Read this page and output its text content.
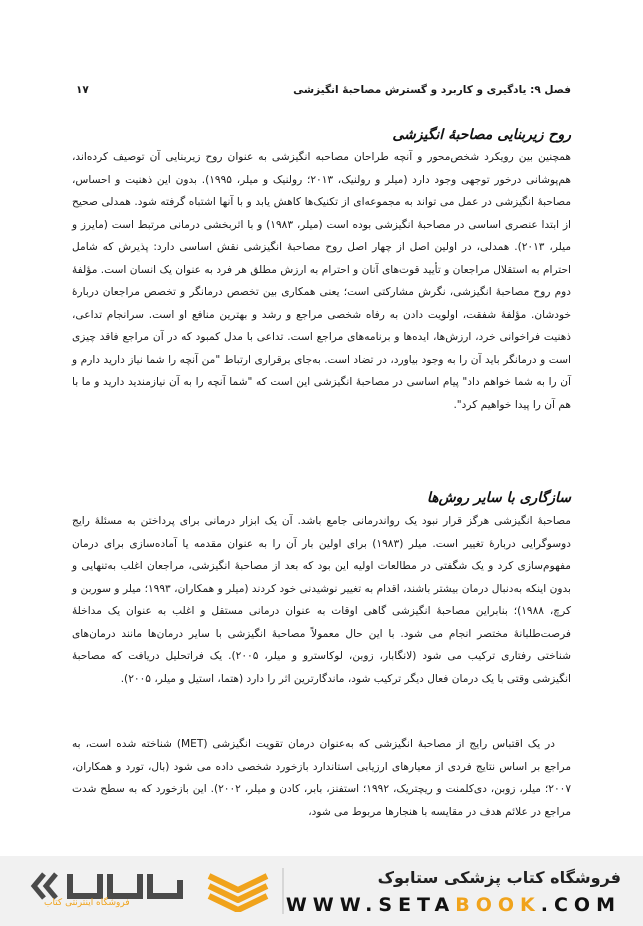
فصل ۹: یادگیری و کاربرد و گسترش مصاحبهٔ انگیزشی
۱۷
روح زیربنایی مصاحبهٔ انگیزشی

همچنین بین رویکرد شخص‌محور و آنچه طراحان مصاحبه انگیزشی به عنوان روح زیربنایی آن توصیف کرده‌اند، هم‌پوشانی درخور توجهی وجود دارد (میلر و رولنیک، ۲۰۱۳؛ رولنیک و میلر، ۱۹۹۵). بدون این ذهنیت و احساس، مصاحبهٔ انگیزشی در عمل می تواند به مجموعه‌ای از تکنیک‌ها کاهش یابد و با آنها اشتباه گرفته شود. همدلی صحیح از ابتدا عنصری اساسی در مصاحبهٔ انگیزشی بوده است (میلر، ۱۹۸۳) و با اثربخشی درمانی مرتبط است (مایرز و میلر، ۲۰۱۳). همدلی، در اولین اصل از چهار اصل روح مصاحبهٔ انگیزشی نقش اساسی دارد: پذیرش که شامل احترام به استقلال مراجعان و تأیید قوت‌های آنان و احترام به ارزش مطلق هر فرد به عنوان یک انسان است. مؤلفهٔ دوم روح مصاحبهٔ انگیزشی، نگرش مشارکتی است؛ یعنی همکاری بین تخصص درمانگر و تخصص مراجعان دربارهٔ خودشان. مؤلفهٔ شفقت، اولویت دادن به رفاه شخصی مراجع و رشد و بهترین منافع او است. سرانجام تداعی، ذهنیت فراخوانی خرد، ارزش‌ها، ایده‌ها و برنامه‌های مراجع است. تداعی با مدل کمبود که در آن مراجع فاقد چیزی است و درمانگر باید آن را به وجود بیاورد، در تضاد است. به‌جای برقراری ارتباط "من آنچه را شما نیاز دارید دارم و آن را به شما خواهم داد" پیام اساسی در مصاحبهٔ انگیزشی این است که "شما آنچه را به آن نیازمندید دارید و ما با هم آن را پیدا خواهیم کرد".

سازگاری با سایر روش‌ها

مصاحبهٔ انگیزشی هرگز قرار نبود یک رواندرمانی جامع باشد. آن یک ابزار درمانی برای پرداختن به مسئلهٔ رایج دوسوگرایی دربارهٔ تغییر است. میلر (۱۹۸۳) برای اولین بار آن را به عنوان مقدمه یا آماده‌سازی برای درمان مفهوم‌سازی کرد و یک شگفتی در مطالعات اولیه این بود که بعد از مصاحبهٔ انگیزشی، مراجعان اغلب به‌تنهایی و بدون اینکه به‌دنبال درمان بیشتر باشند، اقدام به تغییر نوشیدنی خود کردند (میلر و همکاران، ۱۹۹۳؛ میلر و سوربن و کرچ، ۱۹۸۸)؛ بنابراین مصاحبهٔ انگیزشی گاهی اوقات به عنوان درمانی مستقل و اغلب به عنوان یک مداخلهٔ فرصت‌طلبانهٔ مختصر انجام می شود. با این حال معمولاً مصاحبهٔ انگیزشی با سایر درمان‌ها مانند درمان‌های شناختی رفتاری ترکیب می شود (لانگابار، زوبن، لوکاسترو و میلر، ۲۰۰۵). یک فراتحلیل دریافت که مصاحبهٔ انگیزشی وقتی با یک درمان فعال دیگر ترکیب شود، ماندگارترین اثر را دارد (هتما، استیل و میلر، ۲۰۰۵).

در یک اقتباس رایج از مصاحبهٔ انگیزشی که به‌عنوان درمان تقویت انگیزشی (MET) شناخته شده است، به مراجع بر اساس نتایج فردی از معیارهای ارزیابی استاندارد بازخورد شخصی داده می شود (بال، تورد و همکاران، ۲۰۰۷؛ میلر، زوبن، دی‌کلمنت و ریچتریک، ۱۹۹۲؛ استفنز، بابر، کادن و میلر، ۲۰۰۲). این بازخورد که به سطح شدت مراجع در علائم هدف در مقایسه با هنجارها مربوط می شود،

فروشگاه کتاب پزشکی ستابوک
WWW.SETABOOK.COM
فروشگاه اینترنتی کتاب
